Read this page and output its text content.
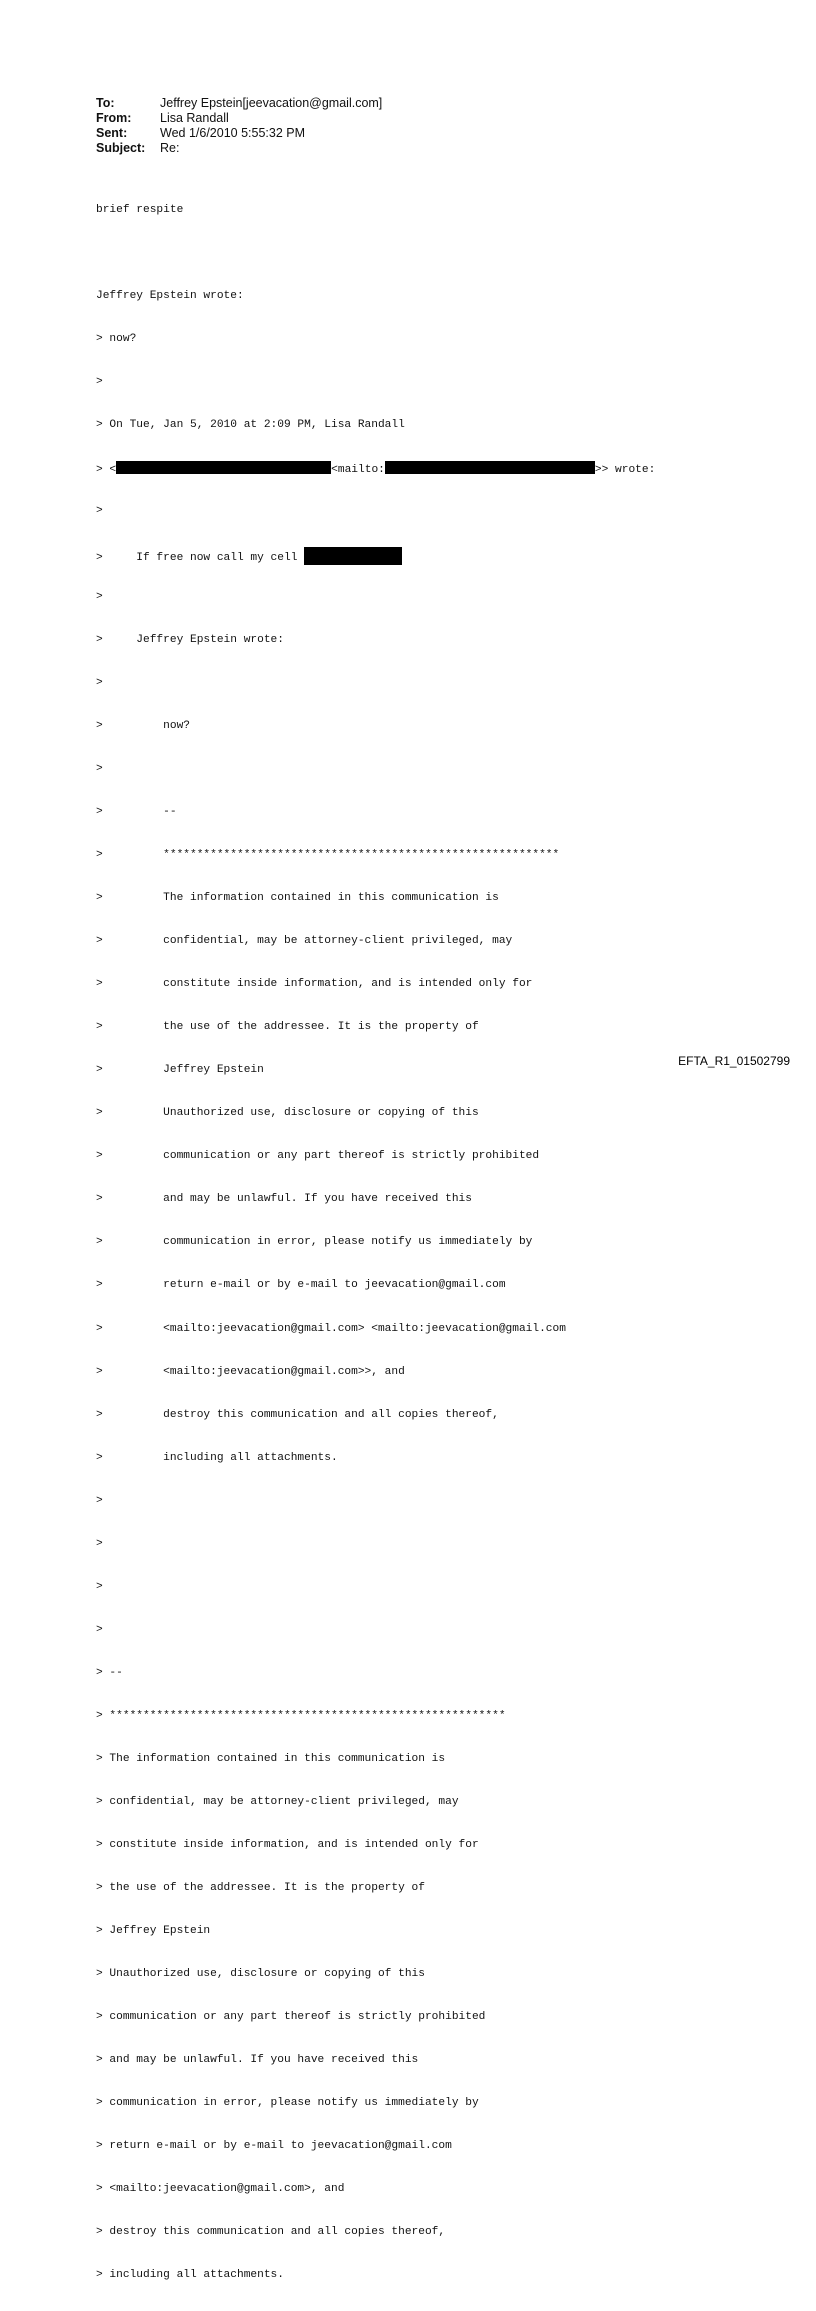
To:	Jeffrey Epstein[jeevacation@gmail.com]
From:	Lisa Randall
Sent:	Wed 1/6/2010 5:55:32 PM
Subject:	Re:

brief respite

Jeffrey Epstein wrote:

> now?

>

> On Tue, Jan 5, 2010 at 2:09 PM, Lisa Randall

> <	<mailto:	>> wrote:

>

>     If free now call my cell

>

>     Jeffrey Epstein wrote:

>

>         now?

>

>         --

>         ***********************************************************

>         The information contained in this communication is

>         confidential, may be attorney-client privileged, may

>         constitute inside information, and is intended only for

>         the use of the addressee. It is the property of

>         Jeffrey Epstein

>         Unauthorized use, disclosure or copying of this

>         communication or any part thereof is strictly prohibited

>         and may be unlawful. If you have received this

>         communication in error, please notify us immediately by

>         return e-mail or by e-mail to jeevacation@gmail.com

>         <mailto:jeevacation@gmail.com> <mailto:jeevacation@gmail.com

>         <mailto:jeevacation@gmail.com>>, and

>         destroy this communication and all copies thereof,

>         including all attachments.

>

>

>

>

> --

> ***********************************************************

> The information contained in this communication is

> confidential, may be attorney-client privileged, may

> constitute inside information, and is intended only for

> the use of the addressee. It is the property of

> Jeffrey Epstein

> Unauthorized use, disclosure or copying of this

> communication or any part thereof is strictly prohibited

> and may be unlawful. If you have received this

> communication in error, please notify us immediately by

> return e-mail or by e-mail to jeevacation@gmail.com

> <mailto:jeevacation@gmail.com>, and

> destroy this communication and all copies thereof,

> including all attachments.

EFTA_R1_01502799
